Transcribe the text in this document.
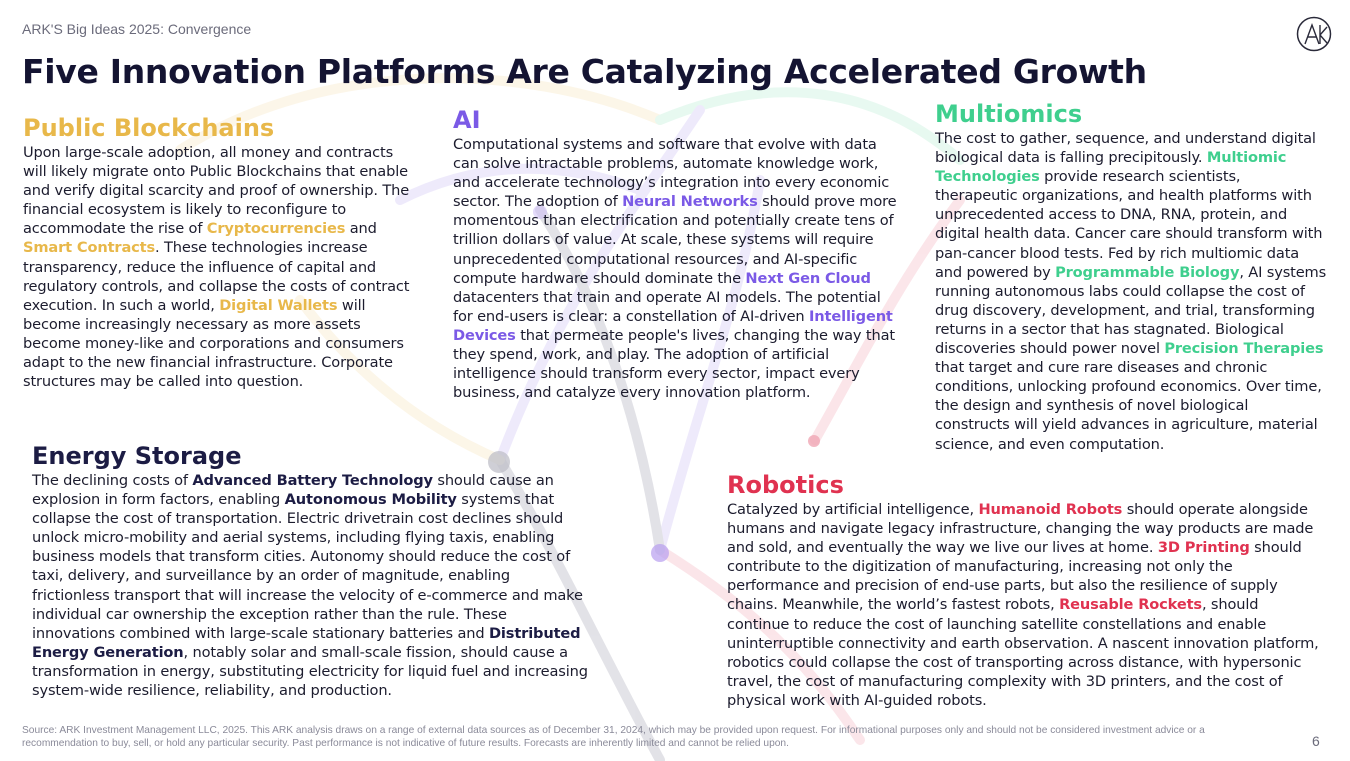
ARK'S Big Ideas 2025: Convergence
Five Innovation Platforms Are Catalyzing Accelerated Growth
Public Blockchains

Upon large-scale adoption, all money and contracts will likely migrate onto Public Blockchains that enable and verify digital scarcity and proof of ownership. The financial ecosystem is likely to reconfigure to accommodate the rise of Cryptocurrencies and Smart Contracts. These technologies increase transparency, reduce the influence of capital and regulatory controls, and collapse the costs of contract execution. In such a world, Digital Wallets will become increasingly necessary as more assets become money-like and corporations and consumers adapt to the new financial infrastructure. Corporate structures may be called into question.

AI

Computational systems and software that evolve with data can solve intractable problems, automate knowledge work, and accelerate technology’s integration into every economic sector. The adoption of Neural Networks should prove more momentous than electrification and potentially create tens of trillion dollars of value. At scale, these systems will require unprecedented computational resources, and AI-specific compute hardware should dominate the Next Gen Cloud datacenters that train and operate AI models. The potential for end-users is clear: a constellation of AI-driven Intelligent Devices that permeate people's lives, changing the way that they spend, work, and play. The adoption of artificial intelligence should transform every sector, impact every business, and catalyze every innovation platform.

Multiomics

The cost to gather, sequence, and understand digital biological data is falling precipitously. Multiomic Technologies provide research scientists, therapeutic organizations, and health platforms with unprecedented access to DNA, RNA, protein, and digital health data. Cancer care should transform with pan-cancer blood tests. Fed by rich multiomic data and powered by Programmable Biology, AI systems running autonomous labs could collapse the cost of drug discovery, development, and trial, transforming returns in a sector that has stagnated. Biological discoveries should power novel Precision Therapies that target and cure rare diseases and chronic conditions, unlocking profound economics. Over time, the design and synthesis of novel biological constructs will yield advances in agriculture, material science, and even computation.

Energy Storage

The declining costs of Advanced Battery Technology should cause an explosion in form factors, enabling Autonomous Mobility systems that collapse the cost of transportation. Electric drivetrain cost declines should unlock micro-mobility and aerial systems, including flying taxis, enabling business models that transform cities. Autonomy should reduce the cost of taxi, delivery, and surveillance by an order of magnitude, enabling frictionless transport that will increase the velocity of e-commerce and make individual car ownership the exception rather than the rule. These innovations combined with large-scale stationary batteries and Distributed Energy Generation, notably solar and small-scale fission, should cause a transformation in energy, substituting electricity for liquid fuel and increasing system-wide resilience, reliability, and production.

Robotics

Catalyzed by artificial intelligence, Humanoid Robots should operate alongside humans and navigate legacy infrastructure, changing the way products are made and sold, and eventually the way we live our lives at home. 3D Printing should contribute to the digitization of manufacturing, increasing not only the performance and precision of end-use parts, but also the resilience of supply chains. Meanwhile, the world’s fastest robots, Reusable Rockets, should continue to reduce the cost of launching satellite constellations and enable uninterruptible connectivity and earth observation. A nascent innovation platform, robotics could collapse the cost of transporting across distance, with hypersonic travel, the cost of manufacturing complexity with 3D printers, and the cost of physical work with AI-guided robots.

Source: ARK Investment Management LLC, 2025. This ARK analysis draws on a range of external data sources as of December 31, 2024, which may be provided upon request. For informational purposes only and should not be considered investment advice or a recommendation to buy, sell, or hold any particular security. Past performance is not indicative of future results. Forecasts are inherently limited and cannot be relied upon.	6
